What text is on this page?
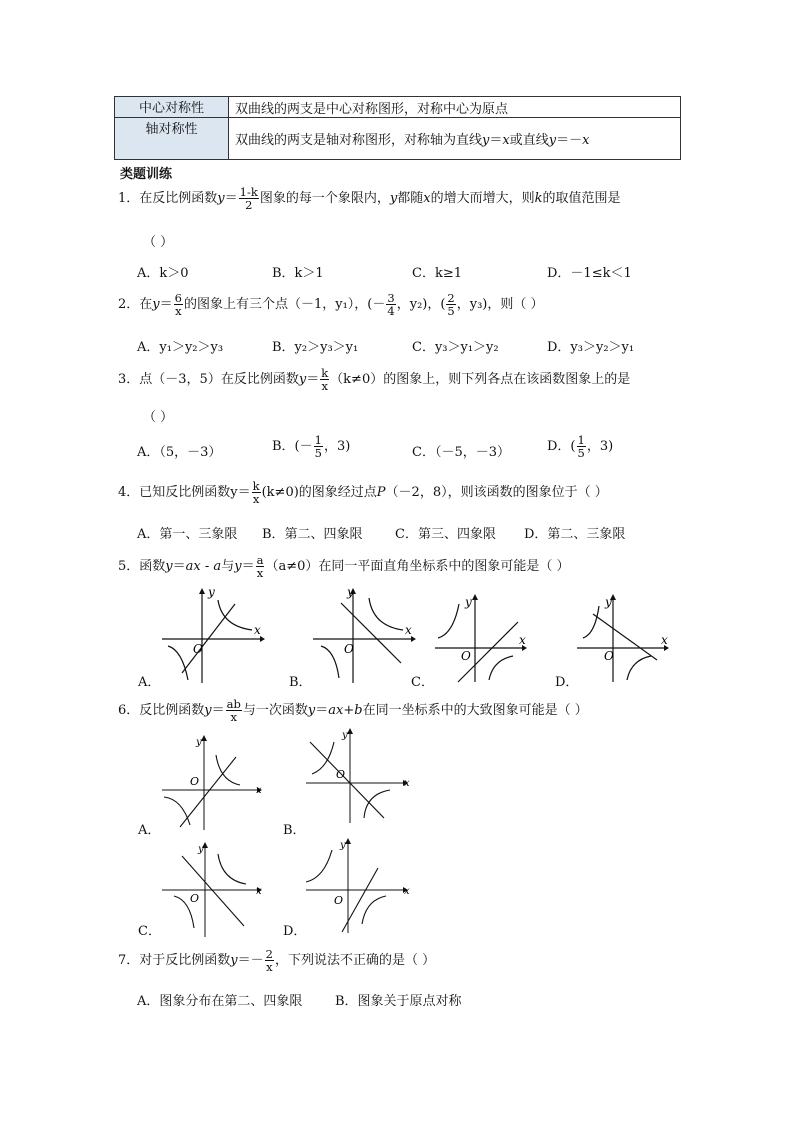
中心对称性	双曲线的两支是中心对称图形，对称中心为原点
轴对称性	双曲线的两支是轴对称图形，对称轴为直线y＝x或直线y＝－x
类题训练
1．在反比例函数$y= \frac{1-k}{2}$ 图象的每一个象限内，y都随x的增大而增大，则k的取值范围是
（ ）
A．k＞0	B．k＞1	C．k≥1	D．－1≤k＜1
2．在$y= \frac{6}{x}$ 的图象上有三个点（－1，y₁），(－ $\frac{3}{4}$ ，y₂)，( $\frac{2}{5}$ ，y₃)，则（ ）
A．y₁＞y₂＞y₃	B．y₂＞y₃＞y₁	C．y₃＞y₁＞y₂	D．y₃＞y₂＞y₁
3．点（－3，5）在反比例函数$y= \frac{k}{x} (k\ne 0)$的图象上，则下列各点在该函数图象上的是
（ ）
A．（5，－3）	B．(－ $\frac{1}{5}$ ，3)	C．（－5，－3）	D．( $\frac{1}{5}$ ，3)
4．已知反比例函数$y= \frac{k}{x} (k\ne 0)$的图象经过点P（－2，8），则该函数的图象位于（ ）
A．第一、三象限 B．第二、四象限 C．第三、四象限 D．第二、三象限
5．函数y＝ax - a与$y= \frac{a}{x} (a\ne 0)$在同一平面直角坐标系中的图象可能是（ ）
y
x
O
y
x
O
y
x
O
y
x
O
A．	B．	C．	D．
6．反比例函数$y= \frac{ab}{x}$ 与一次函数y＝ax+b在同一坐标系中的大致图象可能是（ ）
y
x
O
y
x
O
y
x
O
y
x
O
A．	B．
C．	D．
7．对于反比例函数$y=- \frac{2}{x}$ ，下列说法不正确的是（ ）
A．图象分布在第二、四象限	B．图象关于原点对称
